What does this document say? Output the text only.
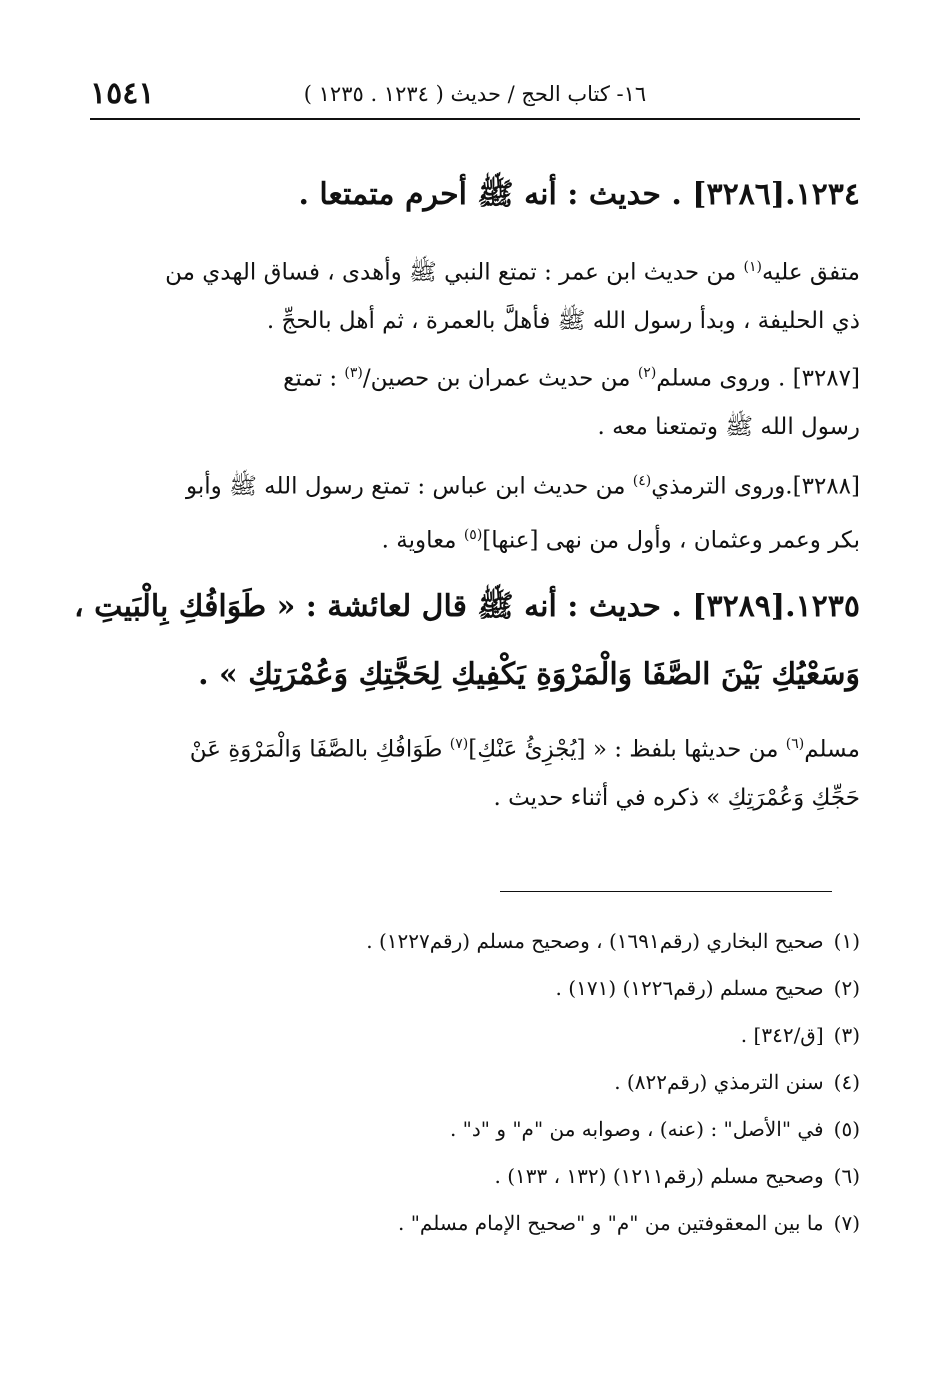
١٦- كتاب الحج / حديث ( ١٢٣٤ . ١٢٣٥ )
١٥٤١
١٢٣٤.[٣٢٨٦] . حديث : أنه ﷺ أحرم متمتعا .
متفق عليه$^{(١)}$ من حديث ابن عمر : تمتع النبي ﷺ وأهدى ، فساق الهدي من
ذي الحليفة ، وبدأ رسول الله ﷺ فأهلَّ بالعمرة ، ثم أهل بالحجِّ .
[٣٢٨٧] . وروى مسلم$^{(٢)}$ من حديث عمران بن حصين/$^{(٣)}$ : تمتع
رسول الله ﷺ وتمتعنا معه .
[٣٢٨٨].وروى الترمذي$^{(٤)}$ من حديث ابن عباس : تمتع رسول الله ﷺ وأبو
بكر وعمر وعثمان ، وأول من نهى [عنها]$^{(٥)}$ معاوية .
١٢٣٥.[٣٢٨٩] . حديث : أنه ﷺ قال لعائشة : « طَوَافُكِ بِالْبَيتِ ،
وَسَعْيُكِ بَيْنَ الصَّفَا وَالْمَرْوَةِ يَكْفِيكِ لِحَجَّتِكِ وَعُمْرَتِكِ » .
مسلم$^{(٦)}$ من حديثها بلفظ : « [يُجْزِئُ عَنْكِ]$^{(٧)}$ طَوَافُكِ بالصَّفَا وَالْمَرْوَةِ عَنْ
حَجِّكِ وَعُمْرَتِكِ » ذكره في أثناء حديث .
(١)صحيح البخاري (رقم١٦٩١) ، وصحيح مسلم (رقم١٢٢٧) .
(٢)صحيح مسلم (رقم١٢٢٦) (١٧١) .
(٣)[ق/٣٤٢] .
(٤)سنن الترمذي (رقم٨٢٢) .
(٥)في "الأصل" : (عنه) ، وصوابه من "م" و "د" .
(٦)وصحيح مسلم (رقم١٢١١) (١٣٢ ، ١٣٣) .
(٧)ما بين المعقوفتين من "م" و "صحيح الإمام مسلم" .
